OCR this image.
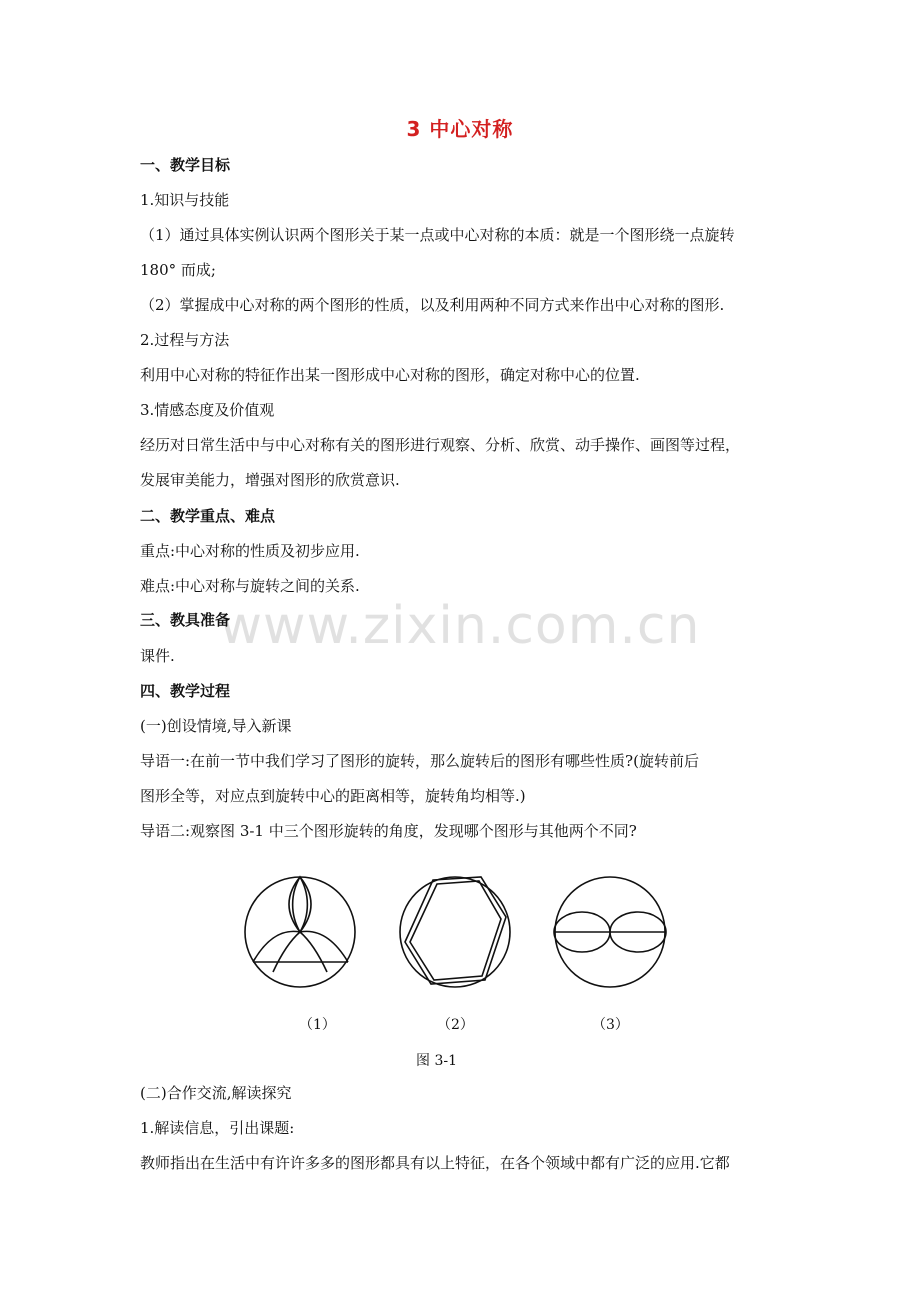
3 中心对称
www.zixin.com.cn
一、教学目标
1.知识与技能
（1）通过具体实例认识两个图形关于某一点或中心对称的本质：就是一个图形绕一点旋转
180° 而成;
（2）掌握成中心对称的两个图形的性质，以及利用两种不同方式来作出中心对称的图形.
2.过程与方法
利用中心对称的特征作出某一图形成中心对称的图形，确定对称中心的位置.
3.情感态度及价值观
经历对日常生活中与中心对称有关的图形进行观察、分析、欣赏、动手操作、画图等过程，
发展审美能力，增强对图形的欣赏意识.
二、教学重点、难点
重点:中心对称的性质及初步应用.
难点:中心对称与旋转之间的关系.
三、教具准备
课件.
四、教学过程
(一)创设情境,导入新课
导语一:在前一节中我们学习了图形的旋转，那么旋转后的图形有哪些性质?(旋转前后
图形全等，对应点到旋转中心的距离相等，旋转角均相等.)
导语二:观察图 3-1 中三个图形旋转的角度，发现哪个图形与其他两个不同?
（1）	（2）	（3）
图 3-1
(二)合作交流,解读探究
1.解读信息，引出课题:
教师指出在生活中有许许多多的图形都具有以上特征，在各个领域中都有广泛的应用.它都
